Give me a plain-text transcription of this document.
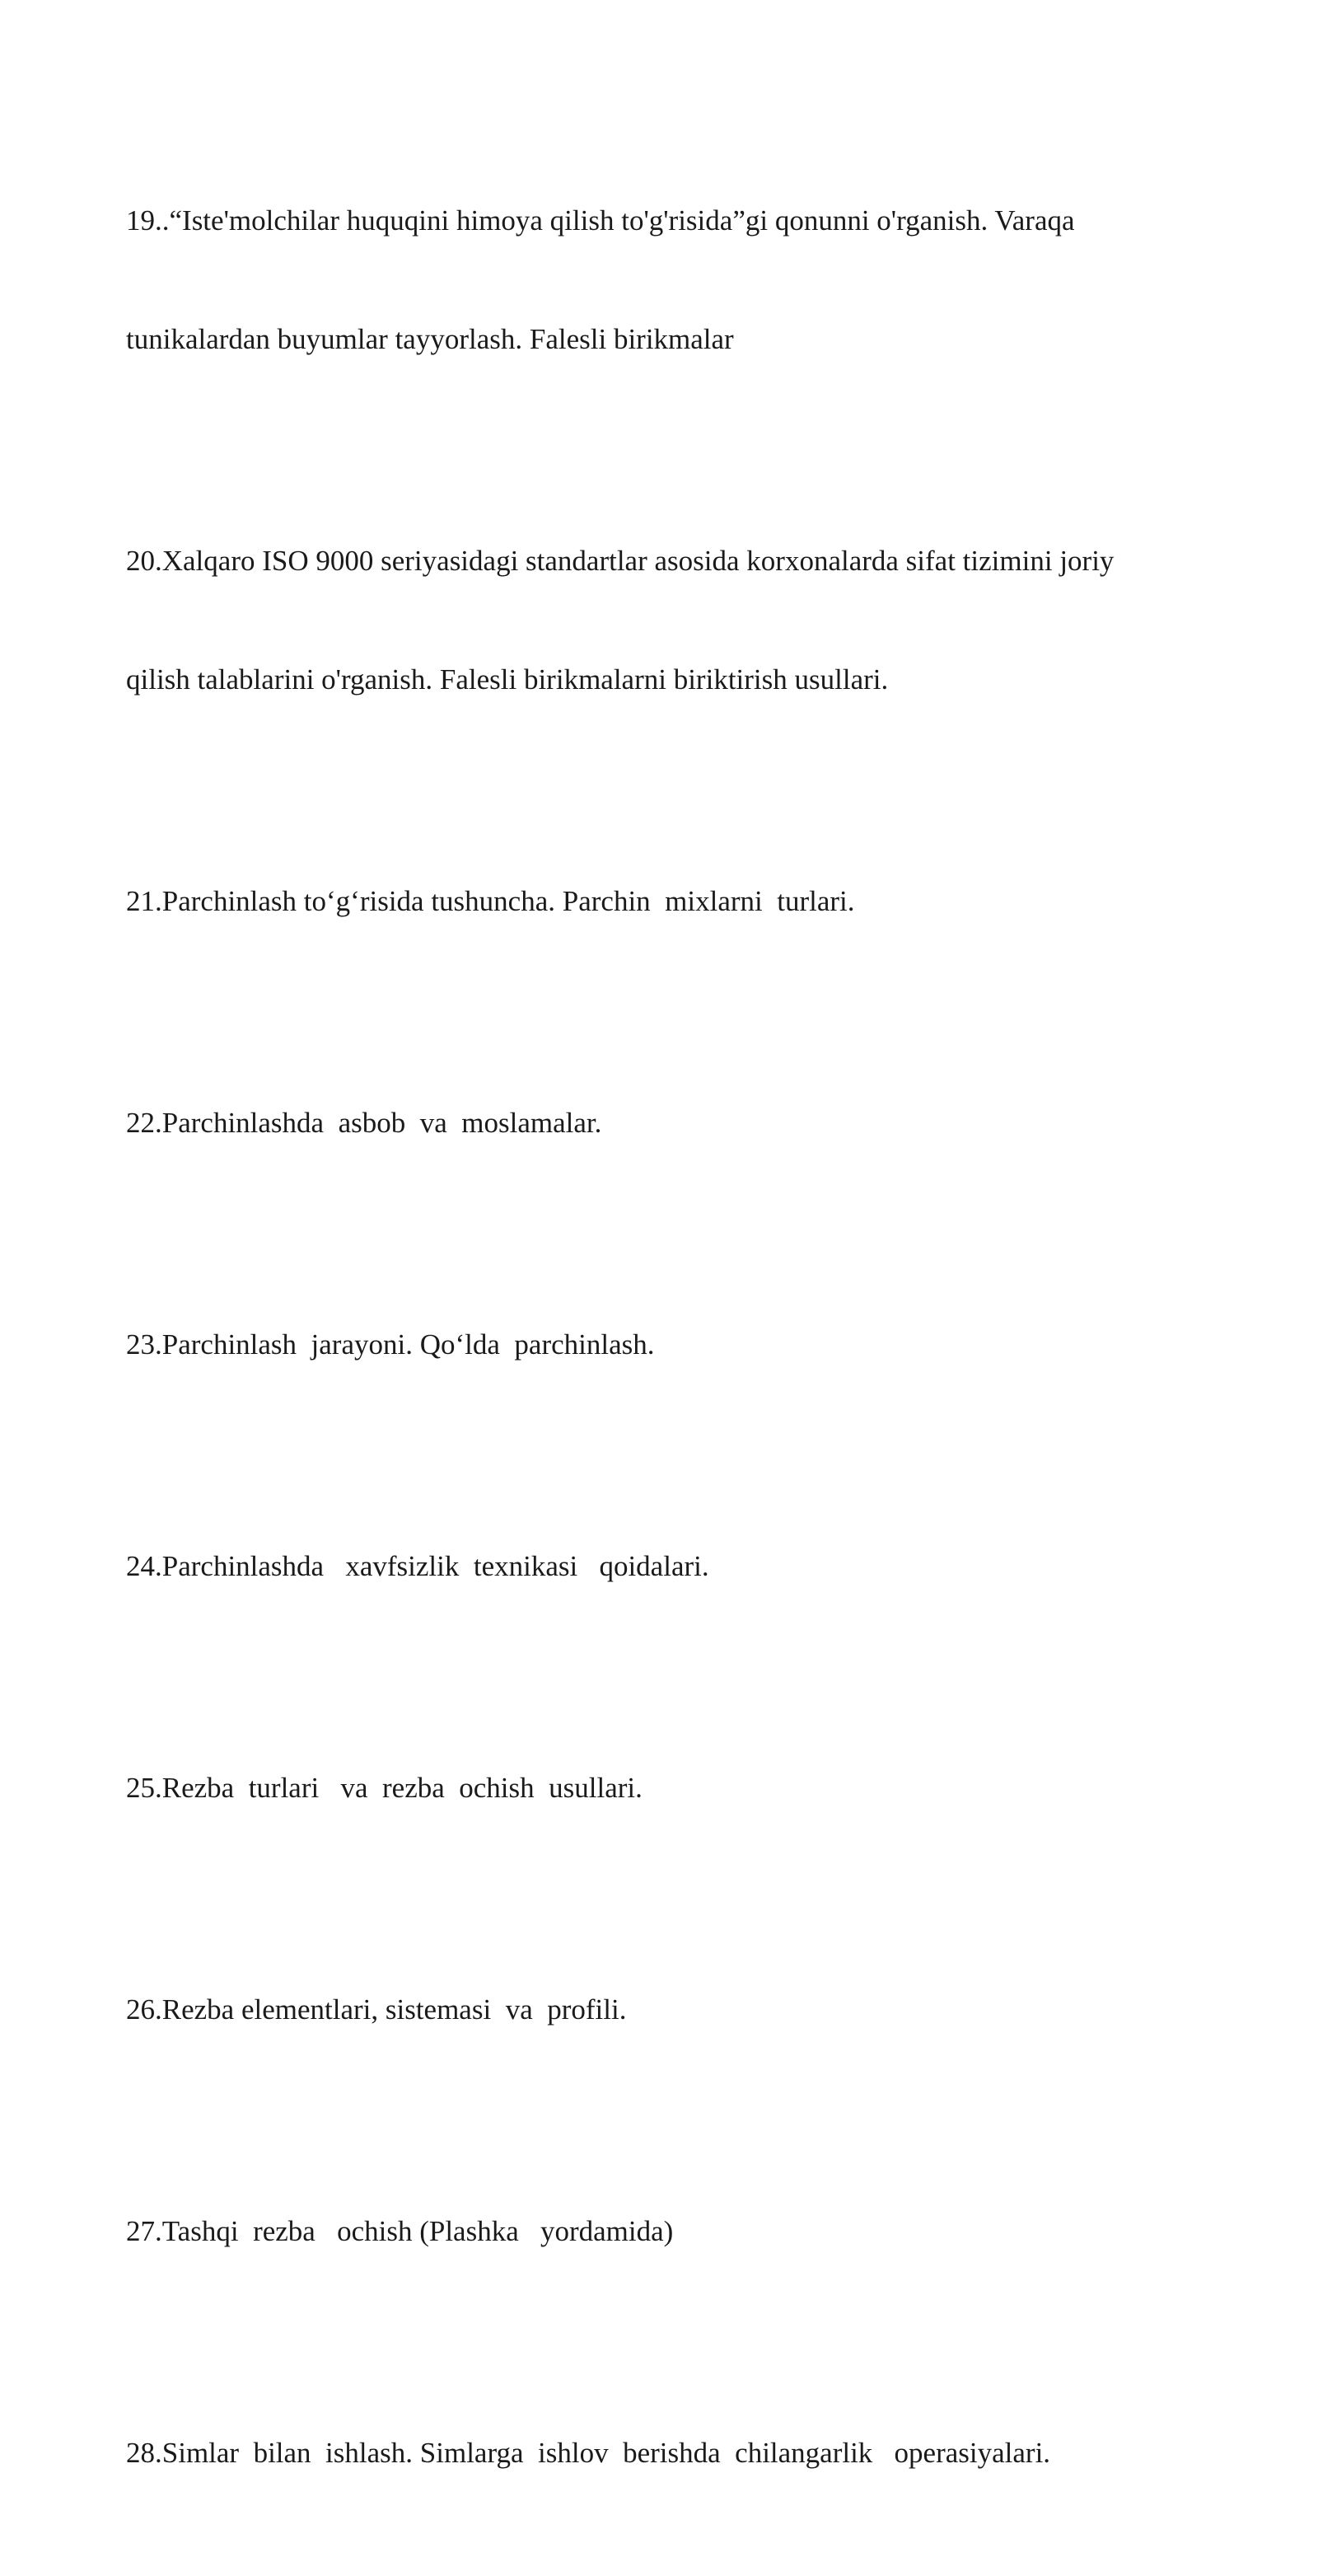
19..“Iste'molchilar huquqini himoya qilish to'g'risida”gi qonunni o'rganish. Varaqa

tunikalardan buyumlar tayyorlash. Falesli birikmalar

20.Xalqaro ISO 9000 seriyasidagi standartlar asosida korxonalarda sifat tizimini joriy

qilish talablarini o'rganish. Falesli birikmalarni biriktirish usullari.

21.Parchinlash to‘g‘risida tushuncha. Parchin  mixlarni  turlari.

22.Parchinlashda  asbob  va  moslamalar.

23.Parchinlash  jarayoni. Qo‘lda  parchinlash.

24.Parchinlashda   xavfsizlik  texnikasi   qoidalari.

25.Rezba  turlari   va  rezba  ochish  usullari.

26.Rezba elementlari, sistemasi  va  profili.

27.Tashqi  rezba   ochish (Plashka   yordamida)

28.Simlar  bilan  ishlash. Simlarga  ishlov  berishda  chilangarlik   operasiyalari.
